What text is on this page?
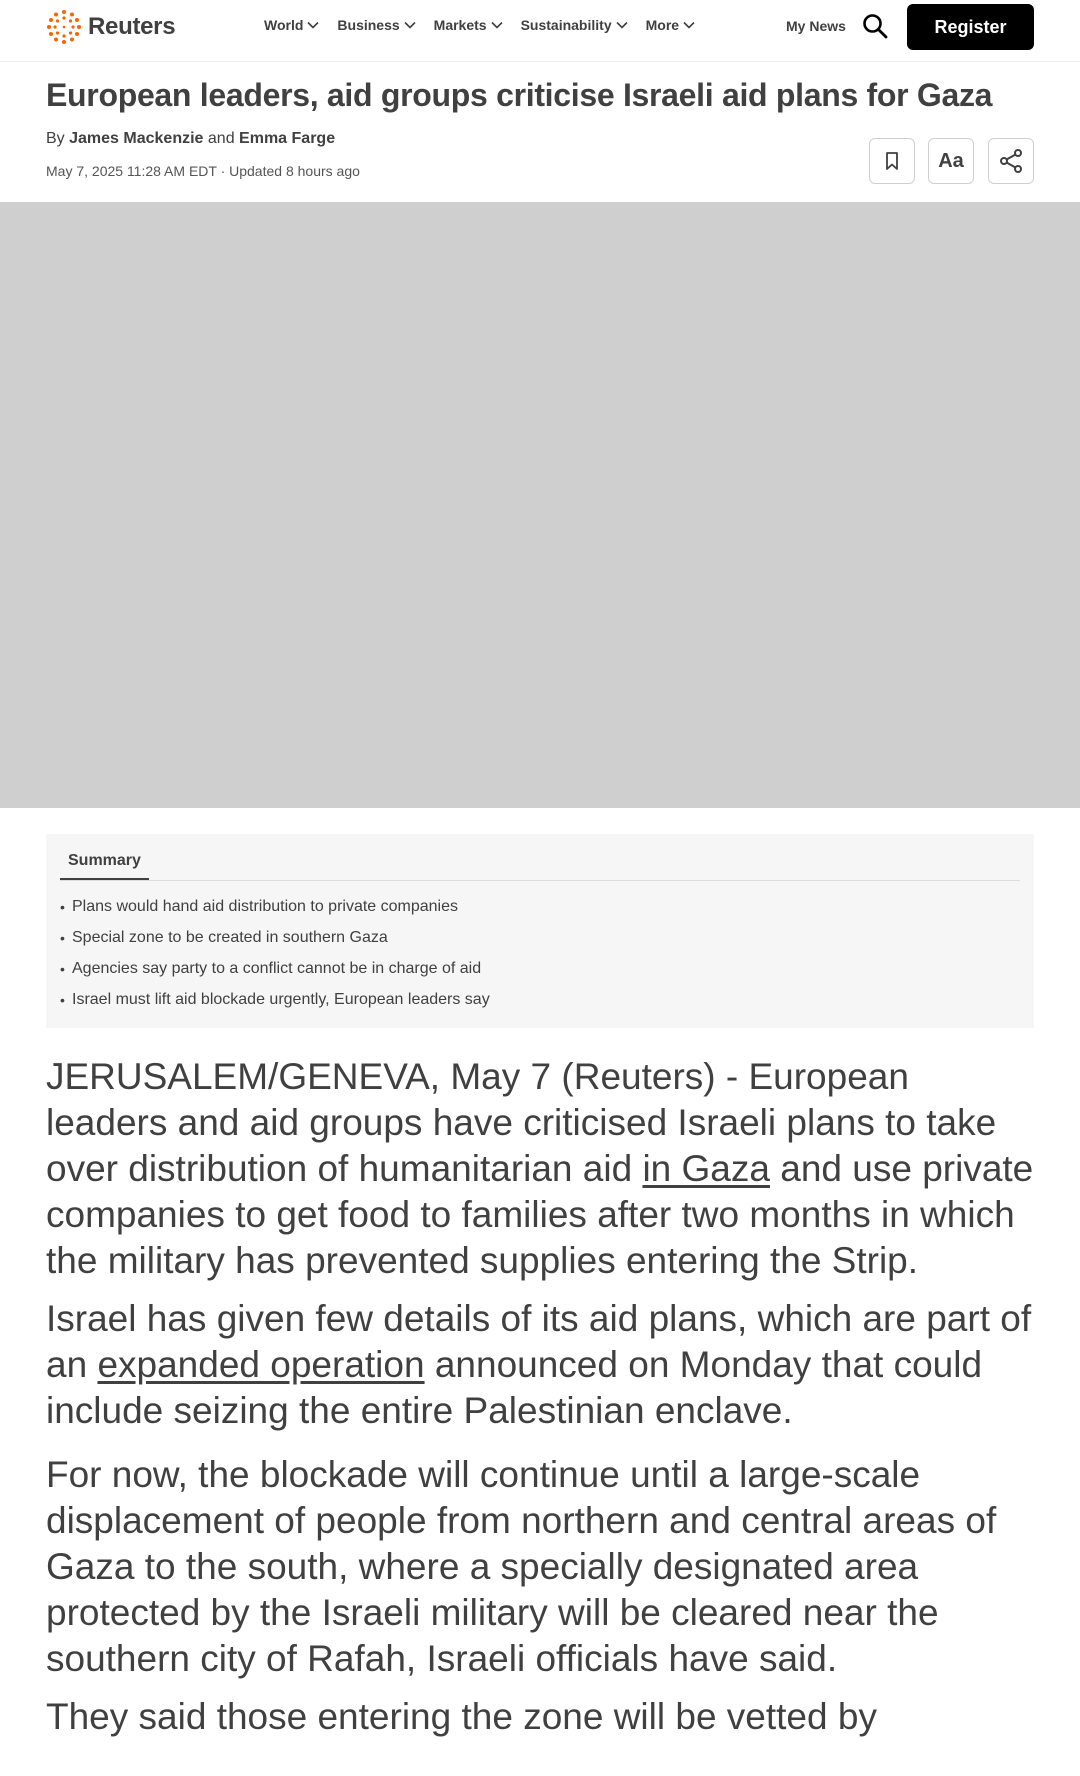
Reuters	World Business Markets Sustainability More	My News	Register
European leaders, aid groups criticise Israeli aid plans for Gaza
By James Mackenzie and Emma Farge
May 7, 2025 11:28 AM EDT · Updated 8 hours ago	Aa
Summary
• Plans would hand aid distribution to private companies
• Special zone to be created in southern Gaza
• Agencies say party to a conflict cannot be in charge of aid
• Israel must lift aid blockade urgently, European leaders say

JERUSALEM/GENEVA, May 7 (Reuters) - European leaders and aid groups have criticised Israeli plans to take over distribution of humanitarian aid in Gaza and use private companies to get food to families after two months in which the military has prevented supplies entering the Strip.

Israel has given few details of its aid plans, which are part of an expanded operation announced on Monday that could include seizing the entire Palestinian enclave.

For now, the blockade will continue until a large-scale displacement of people from northern and central areas of Gaza to the south, where a specially designated area protected by the Israeli military will be cleared near the southern city of Rafah, Israeli officials have said.

They said those entering the zone will be vetted by
